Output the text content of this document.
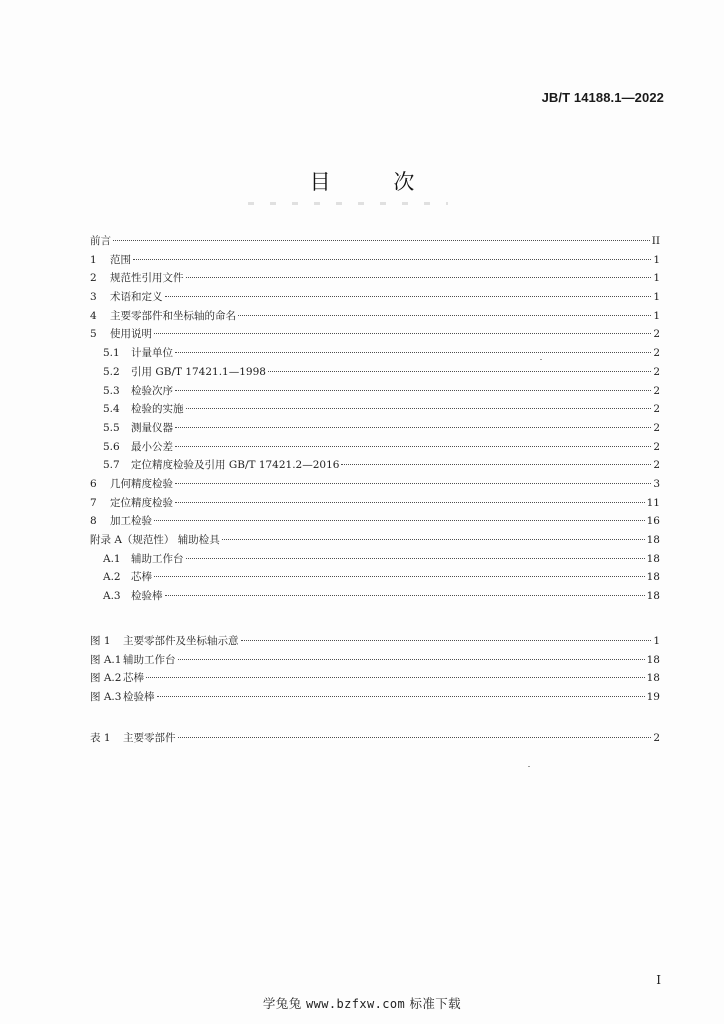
JB/T 14188.1—2022
目 次
前言	II
1 范围	1
2 规范性引用文件	1
3 术语和定义	1
4 主要零部件和坐标轴的命名	1
5 使用说明	2
5.1 计量单位	2
5.2 引用 GB/T 17421.1—1998	2
5.3 检验次序	2
5.4 检验的实施	2
5.5 测量仪器	2
5.6 最小公差	2
5.7 定位精度检验及引用 GB/T 17421.2—2016	2
6 几何精度检验	3
7 定位精度检验	11
8 加工检验	16
附录 A（规范性） 辅助检具	18
A.1 辅助工作台	18
A.2 芯棒	18
A.3 检验棒	18
图 1 主要零部件及坐标轴示意	1
图 A.1 辅助工作台	18
图 A.2 芯棒	18
图 A.3 检验棒	19
表 1 主要零部件	2
I
学兔兔 www.bzfxw.com 标准下载
